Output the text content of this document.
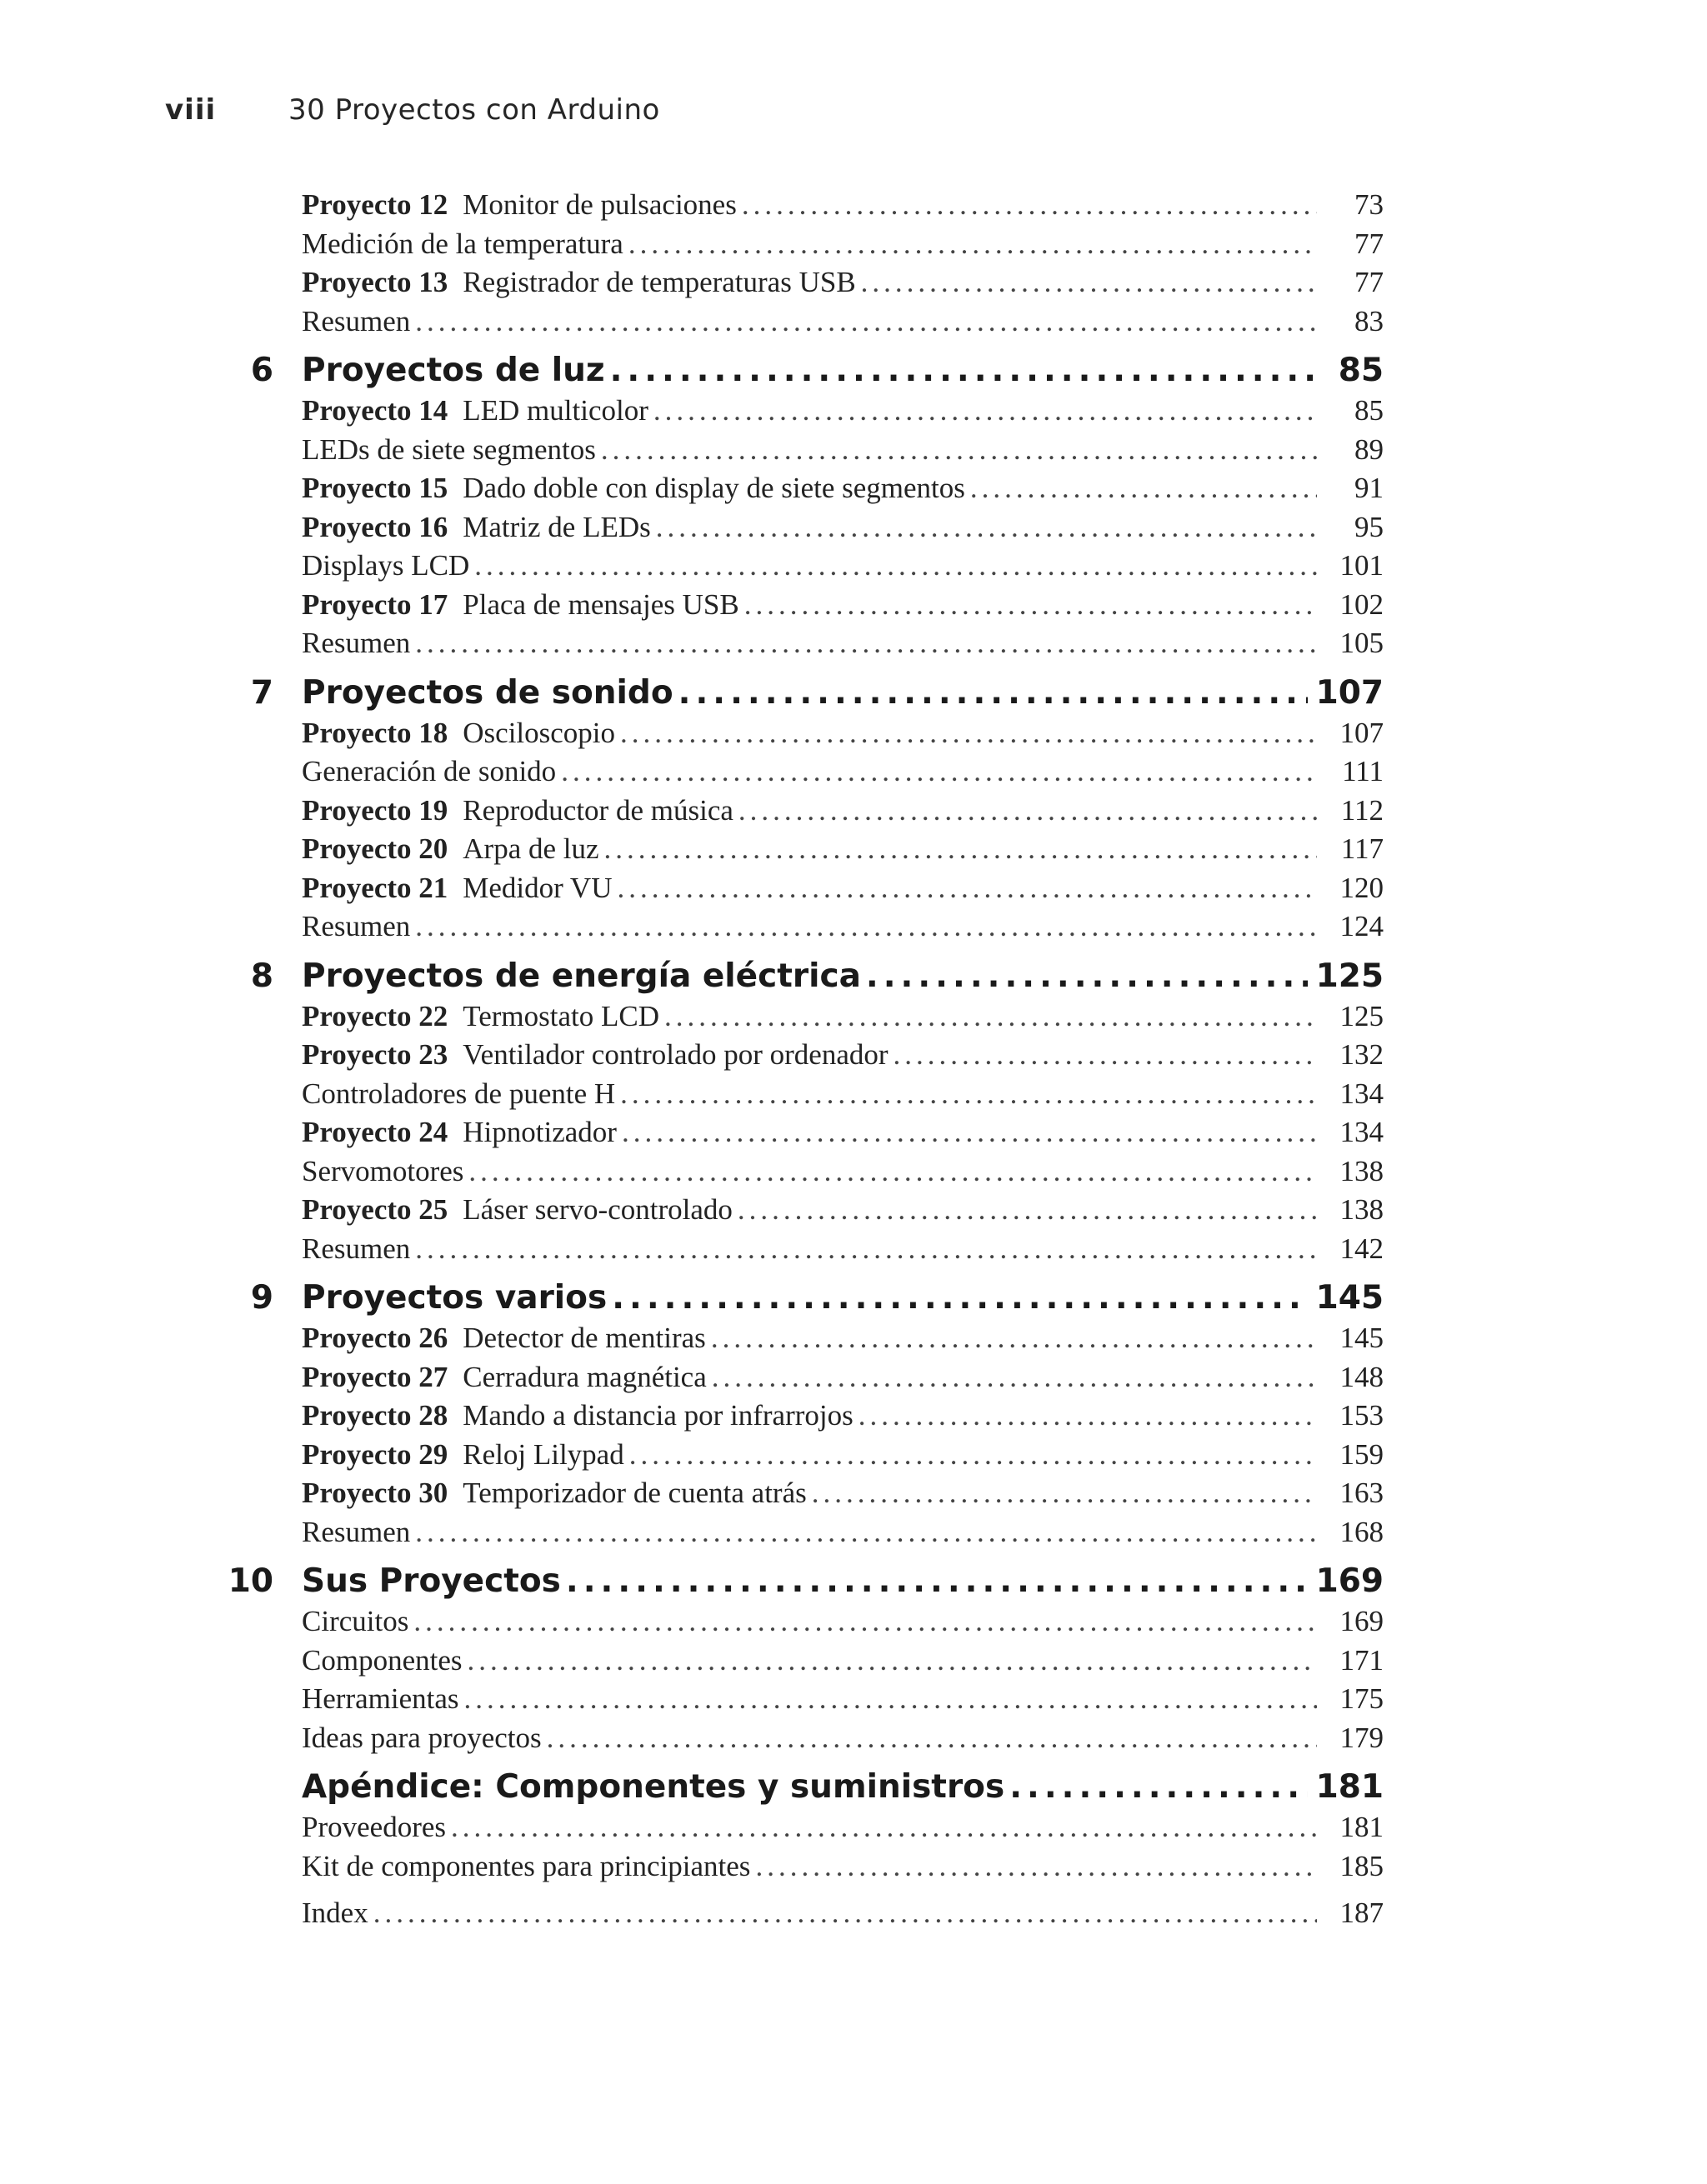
viii	30 Proyectos con Arduino
Proyecto 12 Monitor de pulsaciones .....	73
Medición de la temperatura .....	77
Proyecto 13 Registrador de temperaturas USB .....	77
Resumen .....	83
6 Proyectos de luz .....	85
Proyecto 14 LED multicolor .....	85
LEDs de siete segmentos .....	89
Proyecto 15 Dado doble con display de siete segmentos .....	91
Proyecto 16 Matriz de LEDs .....	95
Displays LCD .....	101
Proyecto 17 Placa de mensajes USB .....	102
Resumen .....	105
7 Proyectos de sonido .....	107
Proyecto 18 Osciloscopio .....	107
Generación de sonido .....	111
Proyecto 19 Reproductor de música .....	112
Proyecto 20 Arpa de luz .....	117
Proyecto 21 Medidor VU .....	120
Resumen .....	124
8 Proyectos de energía eléctrica .....	125
Proyecto 22 Termostato LCD .....	125
Proyecto 23 Ventilador controlado por ordenador .....	132
Controladores de puente H .....	134
Proyecto 24 Hipnotizador .....	134
Servomotores .....	138
Proyecto 25 Láser servo-controlado .....	138
Resumen .....	142
9 Proyectos varios .....	145
Proyecto 26 Detector de mentiras .....	145
Proyecto 27 Cerradura magnética .....	148
Proyecto 28 Mando a distancia por infrarrojos .....	153
Proyecto 29 Reloj Lilypad .....	159
Proyecto 30 Temporizador de cuenta atrás .....	163
Resumen .....	168
10 Sus Proyectos .....	169
Circuitos .....	169
Componentes .....	171
Herramientas .....	175
Ideas para proyectos .....	179
Apéndice: Componentes y suministros .....	181
Proveedores .....	181
Kit de componentes para principiantes .....	185
Index .....	187
